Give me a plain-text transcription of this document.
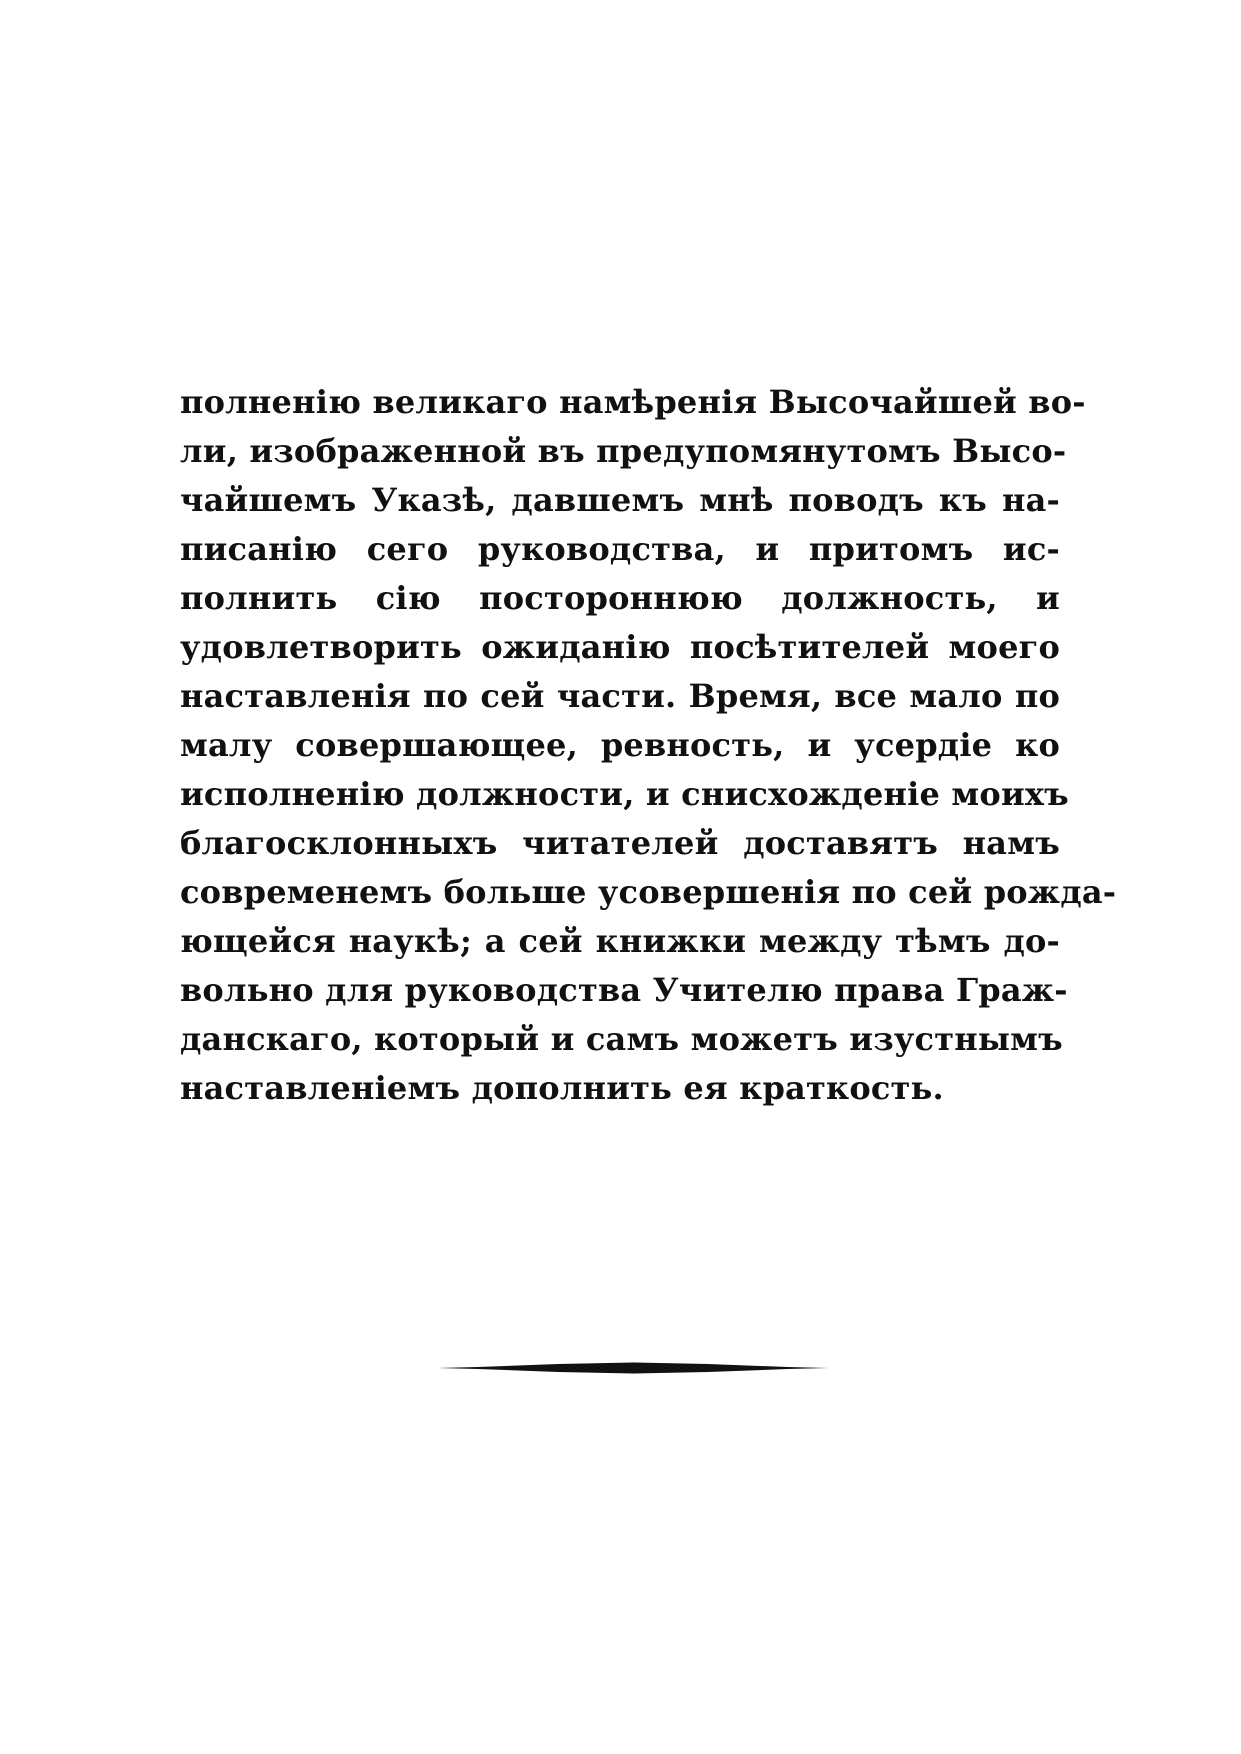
полненію великаго намѣренія Высочайшей во-
ли, изображенной въ предупомянутомъ Высо-
чайшемъ Указѣ, давшемъ мнѣ поводъ къ на-
писанію сего руководства, и притомъ ис-
полнить сію постороннюю должность, и
удовлетворить ожиданію посѣтителей моего
наставленія по сей части. Время, все мало по
малу совершающее, ревность, и усердіе ко
исполненію должности, и снисхожденіе моихъ
благосклонныхъ читателей доставятъ намъ
современемъ больше усовершенія по сей рожда-
ющейся наукѣ; а сей книжки между тѣмъ до-
вольно для руководства Учителю права Граж-
данскаго, который и самъ можетъ изустнымъ
наставленіемъ дополнить ея краткость.
